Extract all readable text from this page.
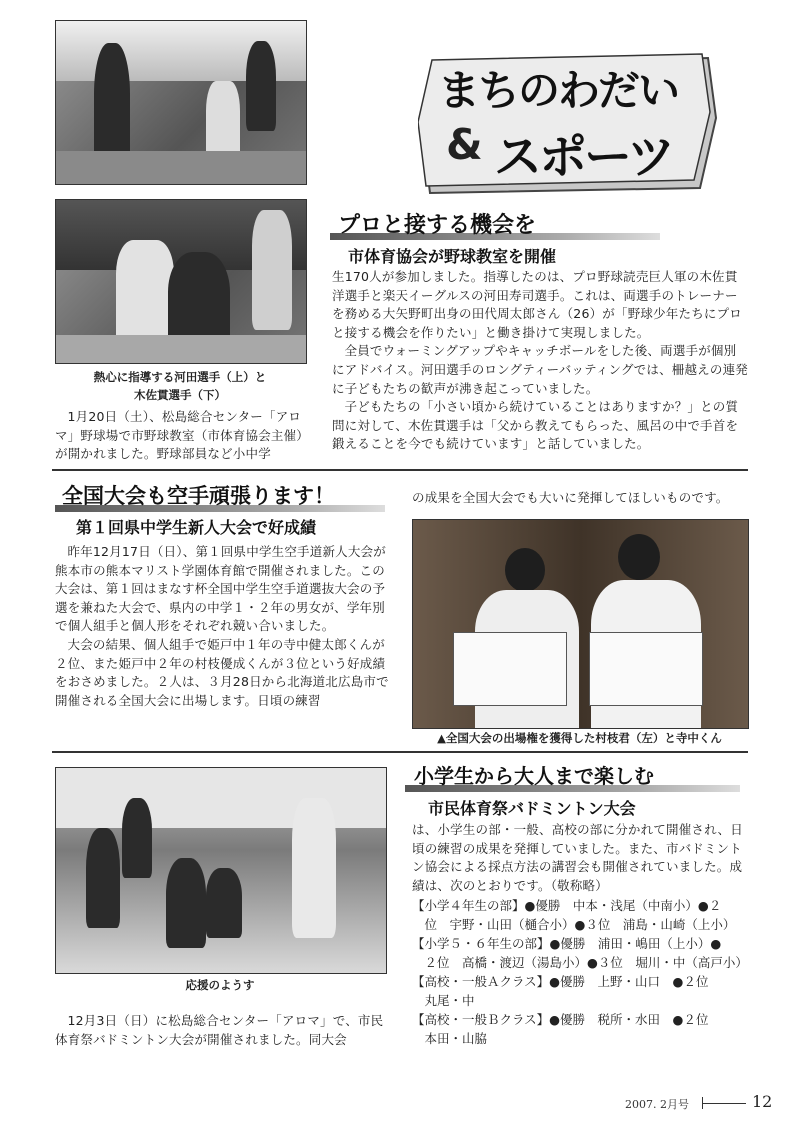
まちのわだい
& スポーツ
熱心に指導する河田選手（上）と
木佐貫選手（下）

1月20日（土）、松島総合センター「アロマ」野球場で市野球教室（市体育協会主催）が開かれました。野球部員など小中学

プロと接する機会を
市体育協会が野球教室を開催

生170人が参加しました。指導したのは、プロ野球読売巨人軍の木佐貫洋選手と楽天イーグルスの河田寿司選手。これは、両選手のトレーナーを務める大矢野町出身の田代周太郎さん（26）が「野球少年たちにプロと接する機会を作りたい」と働き掛けて実現しました。

全員でウォーミングアップやキャッチボールをした後、両選手が個別にアドバイス。河田選手のロングティーバッティングでは、柵越えの連発に子どもたちの歓声が沸き起こっていました。

子どもたちの「小さい頃から続けていることはありますか？」との質問に対して、木佐貫選手は「父から教えてもらった、風呂の中で手首を鍛えることを今でも続けています」と話していました。

全国大会も空手頑張ります！
第１回県中学生新人大会で好成績

昨年12月17日（日）、第１回県中学生空手道新人大会が熊本市の熊本マリスト学園体育館で開催されました。この大会は、第１回はまなす杯全国中学生空手道選抜大会の予選を兼ねた大会で、県内の中学１・２年の男女が、学年別で個人組手と個人形をそれぞれ競い合いました。

大会の結果、個人組手で姫戸中１年の寺中健太郎くんが２位、また姫戸中２年の村枝優成くんが３位という好成績をおさめました。２人は、３月28日から北海道北広島市で開催される全国大会に出場します。日頃の練習

の成果を全国大会でも大いに発揮してほしいものです。
▲全国大会の出場権を獲得した村枝君（左）と寺中くん
応援のようす

12月3日（日）に松島総合センター「アロマ」で、市民体育祭バドミントン大会が開催されました。同大会

小学生から大人まで楽しむ
市民体育祭バドミントン大会

は、小学生の部・一般、高校の部に分かれて開催され、日頃の練習の成果を発揮していました。また、市バドミントン協会による採点方法の講習会も開催されていました。成績は、次のとおりです。（敬称略）

【小学４年生の部】●優勝　中本・浅尾（中南小）●２
　位　宇野・山田（樋合小）●３位　浦島・山崎（上小）
【小学５・６年生の部】●優勝　浦田・嶋田（上小）●
　２位　高橋・渡辺（湯島小）●３位　堀川・中（高戸小）
【高校・一般Ａクラス】●優勝　上野・山口　●２位
　丸尾・中
【高校・一般Ｂクラス】●優勝　税所・水田　●２位
　本田・山脇
2007. 2月号	12
